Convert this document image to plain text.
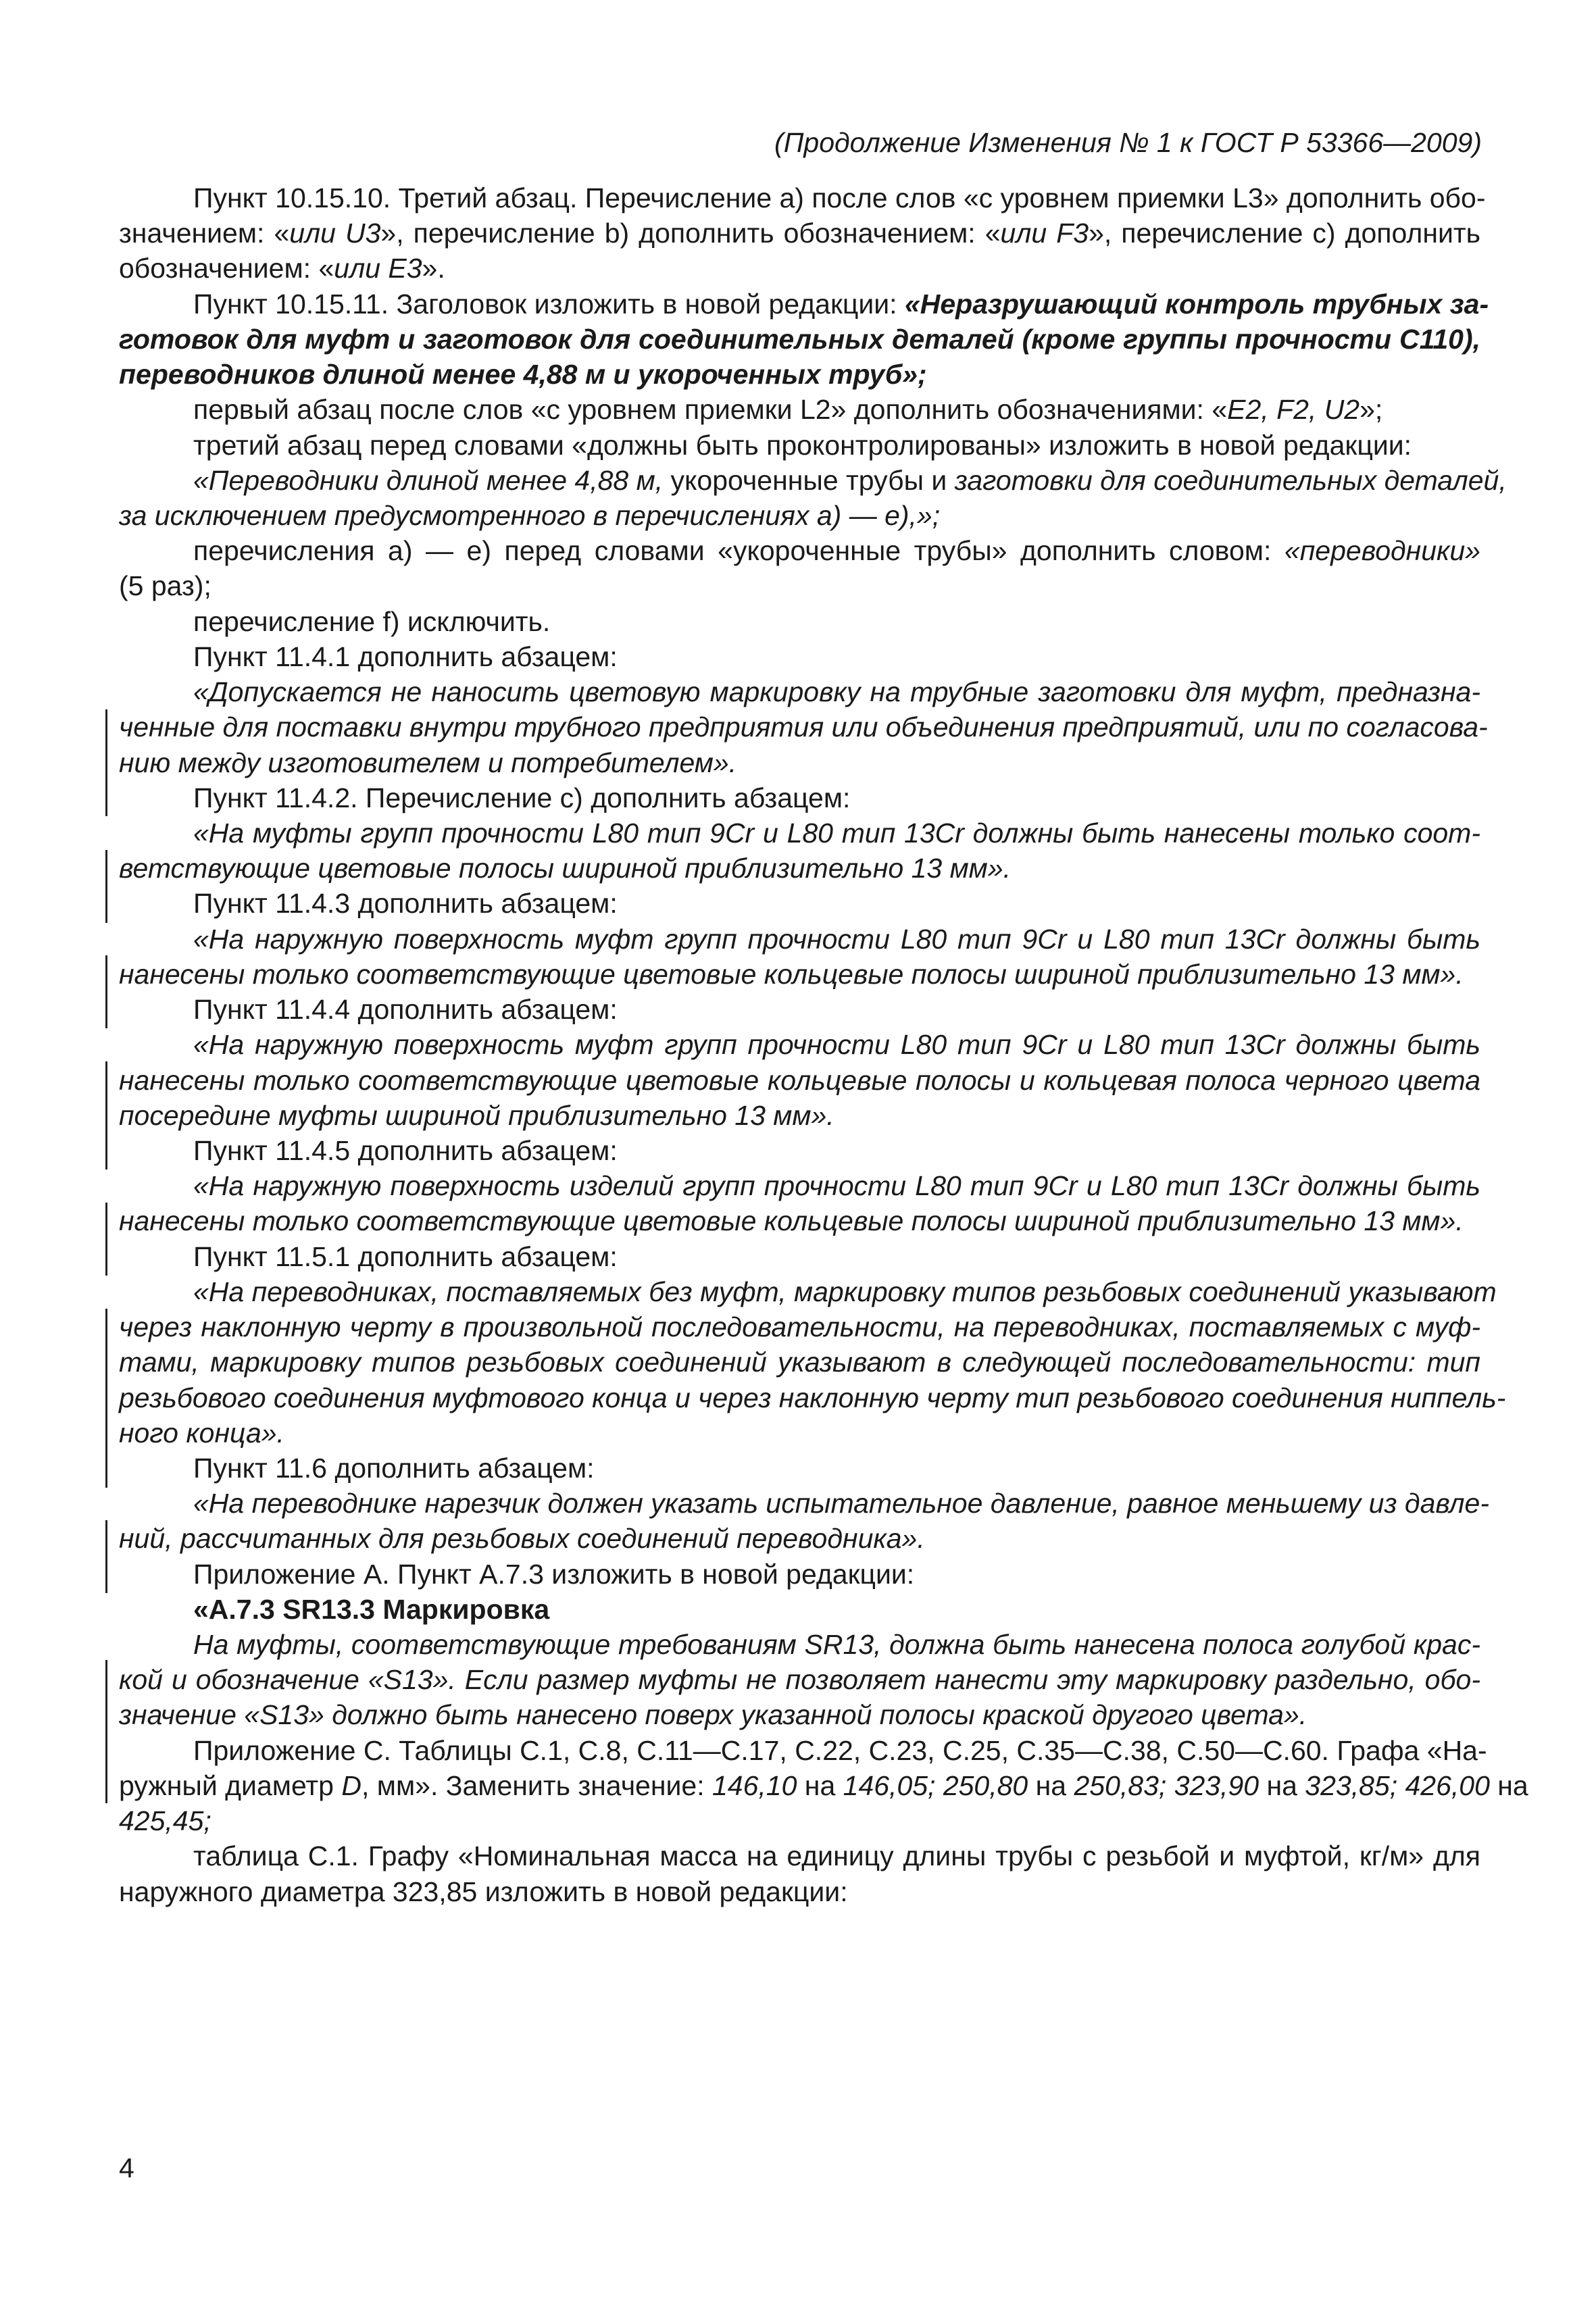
(Продолжение Изменения № 1 к ГОСТ Р 53366—2009)
Пункт 10.15.10. Третий абзац. Перечисление а) после слов «с уровнем приемки L3» дополнить обо-
значением: «или U3», перечисление b) дополнить обозначением: «или F3», перечисление с) дополнить
обозначением: «или Е3».
Пункт 10.15.11. Заголовок изложить в новой редакции: «Неразрушающий контроль трубных за-
готовок для муфт и заготовок для соединительных деталей (кроме группы прочности С110),
переводников длиной менее 4,88 м и укороченных труб»;
первый абзац после слов «с уровнем приемки L2» дополнить обозначениями: «Е2, F2, U2»;
третий абзац перед словами «должны быть проконтролированы» изложить в новой редакции:
«Переводники длиной менее 4,88 м, укороченные трубы и заготовки для соединительных деталей,
за исключением предусмотренного в перечислениях а) — е),»;
перечисления а) — е) перед словами «укороченные трубы» дополнить словом: «переводники»
(5 раз);
перечисление f) исключить.
Пункт 11.4.1 дополнить абзацем:
«Допускается не наносить цветовую маркировку на трубные заготовки для муфт, предназна-
ченные для поставки внутри трубного предприятия или объединения предприятий, или по согласова-
нию между изготовителем и потребителем».
Пункт 11.4.2. Перечисление с) дополнить абзацем:
«На муфты групп прочности L80 тип 9Cr и L80 тип 13Cr должны быть нанесены только соот-
ветствующие цветовые полосы шириной приблизительно 13 мм».
Пункт 11.4.3 дополнить абзацем:
«На наружную поверхность муфт групп прочности L80 тип 9Cr и L80 тип 13Cr должны быть
нанесены только соответствующие цветовые кольцевые полосы шириной приблизительно 13 мм».
Пункт 11.4.4 дополнить абзацем:
«На наружную поверхность муфт групп прочности L80 тип 9Cr и L80 тип 13Cr должны быть
нанесены только соответствующие цветовые кольцевые полосы и кольцевая полоса черного цвета
посередине муфты шириной приблизительно 13 мм».
Пункт 11.4.5 дополнить абзацем:
«На наружную поверхность изделий групп прочности L80 тип 9Cr и L80 тип 13Cr должны быть
нанесены только соответствующие цветовые кольцевые полосы шириной приблизительно 13 мм».
Пункт 11.5.1 дополнить абзацем:
«На переводниках, поставляемых без муфт, маркировку типов резьбовых соединений указывают
через наклонную черту в произвольной последовательности, на переводниках, поставляемых с муф-
тами, маркировку типов резьбовых соединений указывают в следующей последовательности: тип
резьбового соединения муфтового конца и через наклонную черту тип резьбового соединения ниппель-
ного конца».
Пункт 11.6 дополнить абзацем:
«На переводнике нарезчик должен указать испытательное давление, равное меньшему из давле-
ний, рассчитанных для резьбовых соединений переводника».
Приложение А. Пункт А.7.3 изложить в новой редакции:
«А.7.3 SR13.3 Маркировка
На муфты, соответствующие требованиям SR13, должна быть нанесена полоса голубой крас-
кой и обозначение «S13». Если размер муфты не позволяет нанести эту маркировку раздельно, обо-
значение «S13» должно быть нанесено поверх указанной полосы краской другого цвета».
Приложение С. Таблицы С.1, С.8, С.11—С.17, С.22, С.23, С.25, С.35—С.38, С.50—С.60. Графа «На-
ружный диаметр D, мм». Заменить значение: 146,10 на 146,05; 250,80 на 250,83; 323,90 на 323,85; 426,00 на
425,45;
таблица С.1. Графу «Номинальная масса на единицу длины трубы с резьбой и муфтой, кг/м» для
наружного диаметра 323,85 изложить в новой редакции:
4
